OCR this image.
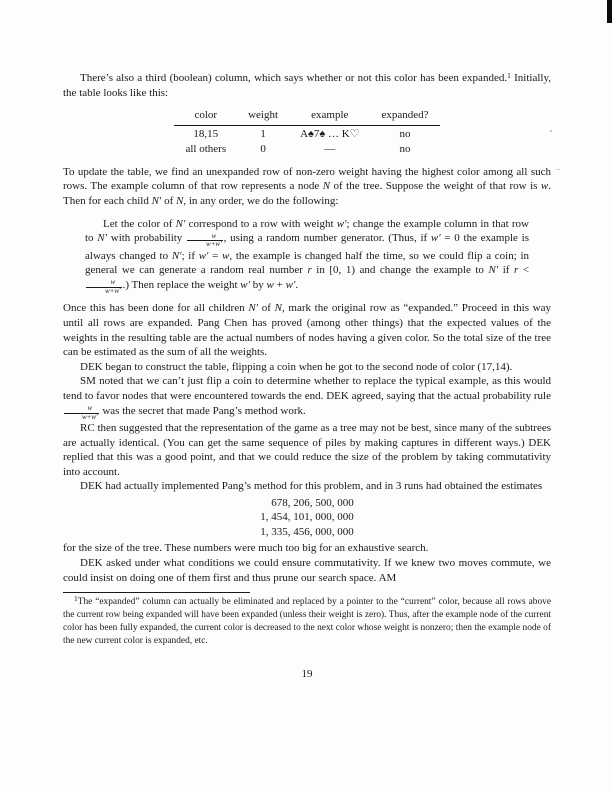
There’s also a third (boolean) column, which says whether or not this color has been expanded.$^1$ Initially, the table looks like this:

color	weight	example	expanded?
18,15	1	A♠7♠ … K♡	no
all others	0	—	no

To update the table, we find an unexpanded row of non-zero weight having the highest color among all such rows. The example column of that row represents a node N of the tree. Suppose the weight of that row is w. Then for each child N′ of N, in any order, we do the following:

Let the color of N′ correspond to a row with weight w′; change the example column in that row to N′ with probability $\frac{w}{w+w'}$ , using a random number generator. (Thus, if w′ = 0 the example is always changed to N′; if w′ = w, the example is changed half the time, so we could flip a coin; in general we can generate a random real number r in [0, 1) and change the example to N′ if r <
$\frac{w}{w+w'}$ .) Then replace the weight w′ by w + w′.

Once this has been done for all children N′ of N, mark the original row as “expanded.” Proceed in this way until all rows are expanded. Pang Chen has proved (among other things) that the expected values of the weights in the resulting table are the actual numbers of nodes having a given color. So the total size of the tree can be estimated as the sum of all the weights.

DEK began to construct the table, flipping a coin when he got to the second node of color (17,14).

SM noted that we can’t just flip a coin to determine whether to replace the typical example, as this would tend to favor nodes that were encountered towards the end. DEK agreed, saying that the actual probability rule
$\frac{w}{w+w'}$ was the secret that made Pang’s method work.

RC then suggested that the representation of the game as a tree may not be best, since many of the subtrees are actually identical. (You can get the same sequence of piles by making captures in different ways.) DEK replied that this was a good point, and that we could reduce the size of the problem by taking commutativity into account.

DEK had actually implemented Pang’s method for this problem, and in 3 runs had obtained the estimates

678, 206, 500, 000
1, 454, 101, 000, 000
1, 335, 456, 000, 000

for the size of the tree. These numbers were much too big for an exhaustive search.

DEK asked under what conditions we could ensure commutativity. If we knew two moves commute, we could insist on doing one of them first and thus prune our search space. AM

$^1$The “expanded” column can actually be eliminated and replaced by a pointer to the “current” color, because all rows above the current row being expanded will have been expanded (unless their weight is zero). Thus, after the example node of the current color has been fully expanded, the current color is decreased to the next color whose weight is nonzero; then the example node of the new current color is expanded, etc.
19
